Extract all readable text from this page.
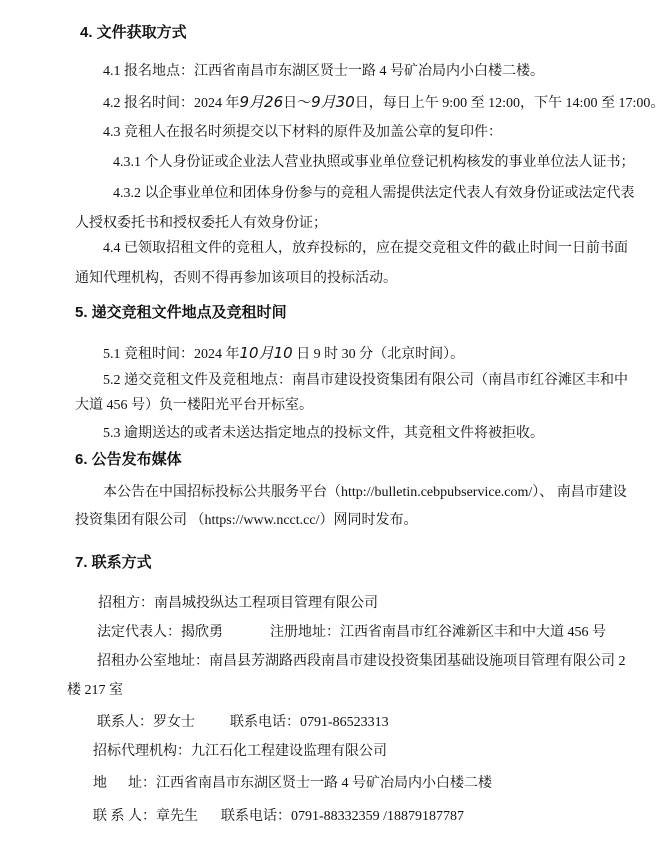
4. 文件获取方式
4.1 报名地点：江西省南昌市东湖区贤士一路 4 号矿冶局内小白楼二楼。
4.2 报名时间：2024 年9月26日～9月30日，每日上午 9:00 至 12:00，下午 14:00 至 17:00。
4.3 竞租人在报名时须提交以下材料的原件及加盖公章的复印件：
4.3.1 个人身份证或企业法人营业执照或事业单位登记机构核发的事业单位法人证书；
4.3.2 以企事业单位和团体身份参与的竞租人需提供法定代表人有效身份证或法定代表
人授权委托书和授权委托人有效身份证；
4.4 已领取招租文件的竞租人，放弃投标的，应在提交竞租文件的截止时间一日前书面
通知代理机构，否则不得再参加该项目的投标活动。
5. 递交竞租文件地点及竞租时间
5.1 竞租时间：2024 年10月10 日 9 时 30 分（北京时间）。
5.2 递交竞租文件及竞租地点：南昌市建设投资集团有限公司（南昌市红谷滩区丰和中
大道 456 号）负一楼阳光平台开标室。
5.3 逾期送达的或者未送达指定地点的投标文件，其竞租文件将被拒收。
6. 公告发布媒体
本公告在中国招标投标公共服务平台（http://bulletin.cebpubservice.com/）、 南昌市建设
投资集团有限公司 （https://www.ncct.cc/）网同时发布。
7. 联系方式
招租方：南昌城投纵达工程项目管理有限公司
法定代表人：揭欣勇	注册地址：江西省南昌市红谷滩新区丰和中大道 456 号
招租办公室地址：南昌县芳湖路西段南昌市建设投资集团基础设施项目管理有限公司 2
楼 217 室
联系人：罗女士	联系电话：0791-86523313
招标代理机构：九江石化工程建设监理有限公司
地      址：江西省南昌市东湖区贤士一路 4 号矿冶局内小白楼二楼
联 系 人：章先生 联系电话：0791-88332359 /18879187787
